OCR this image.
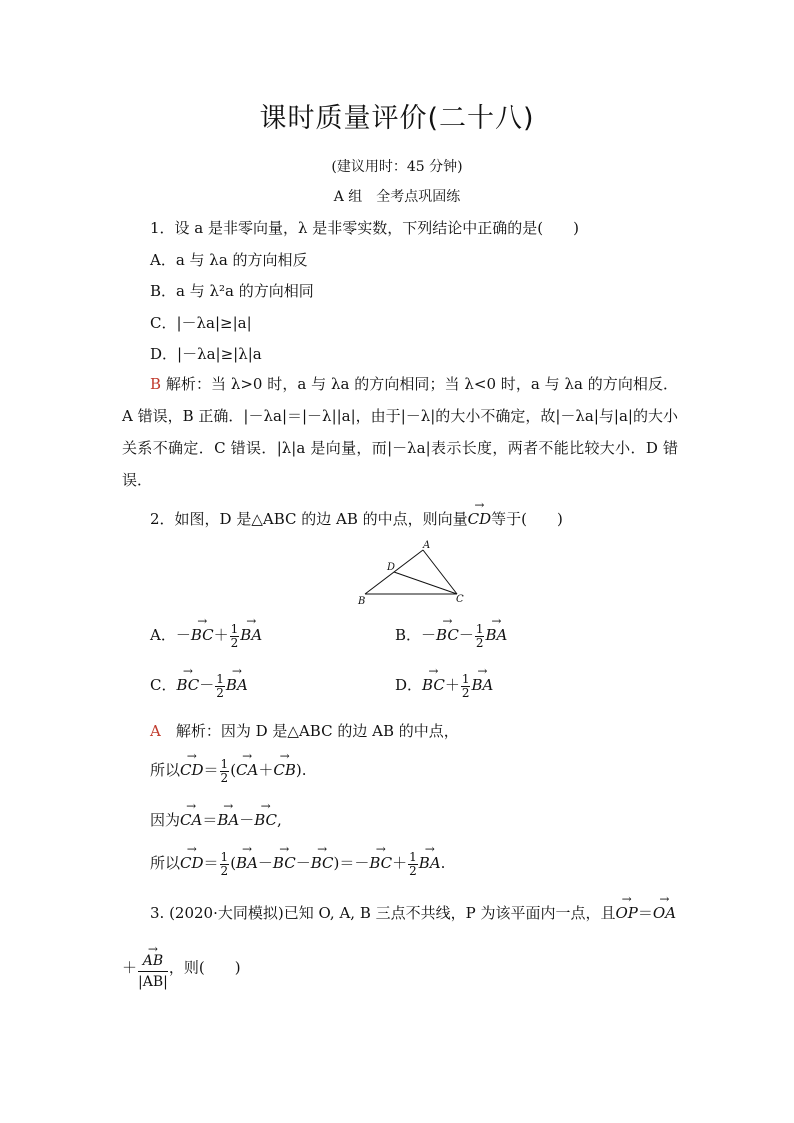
课时质量评价(二十八)
(建议用时：45 分钟)
A 组　全考点巩固练
1．设 a 是非零向量，λ 是非零实数，下列结论中正确的是(　　)
A．a 与 λa 的方向相反
B．a 与 λ²a 的方向相同
C．|－λa|≥|a|
D．|－λa|≥|λ|a
B 解析：当 λ>0 时，a 与 λa 的方向相同；当 λ<0 时，a 与 λa 的方向相反．A 错误，B 正确．|－λa|＝|－λ||a|，由于|－λ|的大小不确定，故|－λa|与|a|的大小关系不确定．C 错误．|λ|a 是向量，而|－λa|表示长度，两者不能比较大小．D 错误．
2．如图，D 是△ABC 的边 AB 的中点，则向量→ CD等于(　　)
A
B	C
D
A．－→ $BC+ \frac{1}{2}$ → BA	B．－→ $BC- \frac{1}{2}$ → BA
C．→ $BC- \frac{1}{2}$ → BA	D．→ $BC+ \frac{1}{2}$ → BA
A　 解析：因为 D 是△ABC 的边 AB 的中点，
所以→ $CD= \frac{1}{2}$ (→ CA＋→ CB).
因为→ CA＝→ BA－→ BC,
所以→ $CD= \frac{1}{2}$ (→ $BA-\to BC-\to BC)=-\to BC+ \frac{1}{2}$ → BA.
3. (2020·大同模拟)已知 O, A, B 三点不共线，P 为该平面内一点，且→ OP＝→ OA
＋ → $\frac{AB}{|AB|}$ ，则(　　)
